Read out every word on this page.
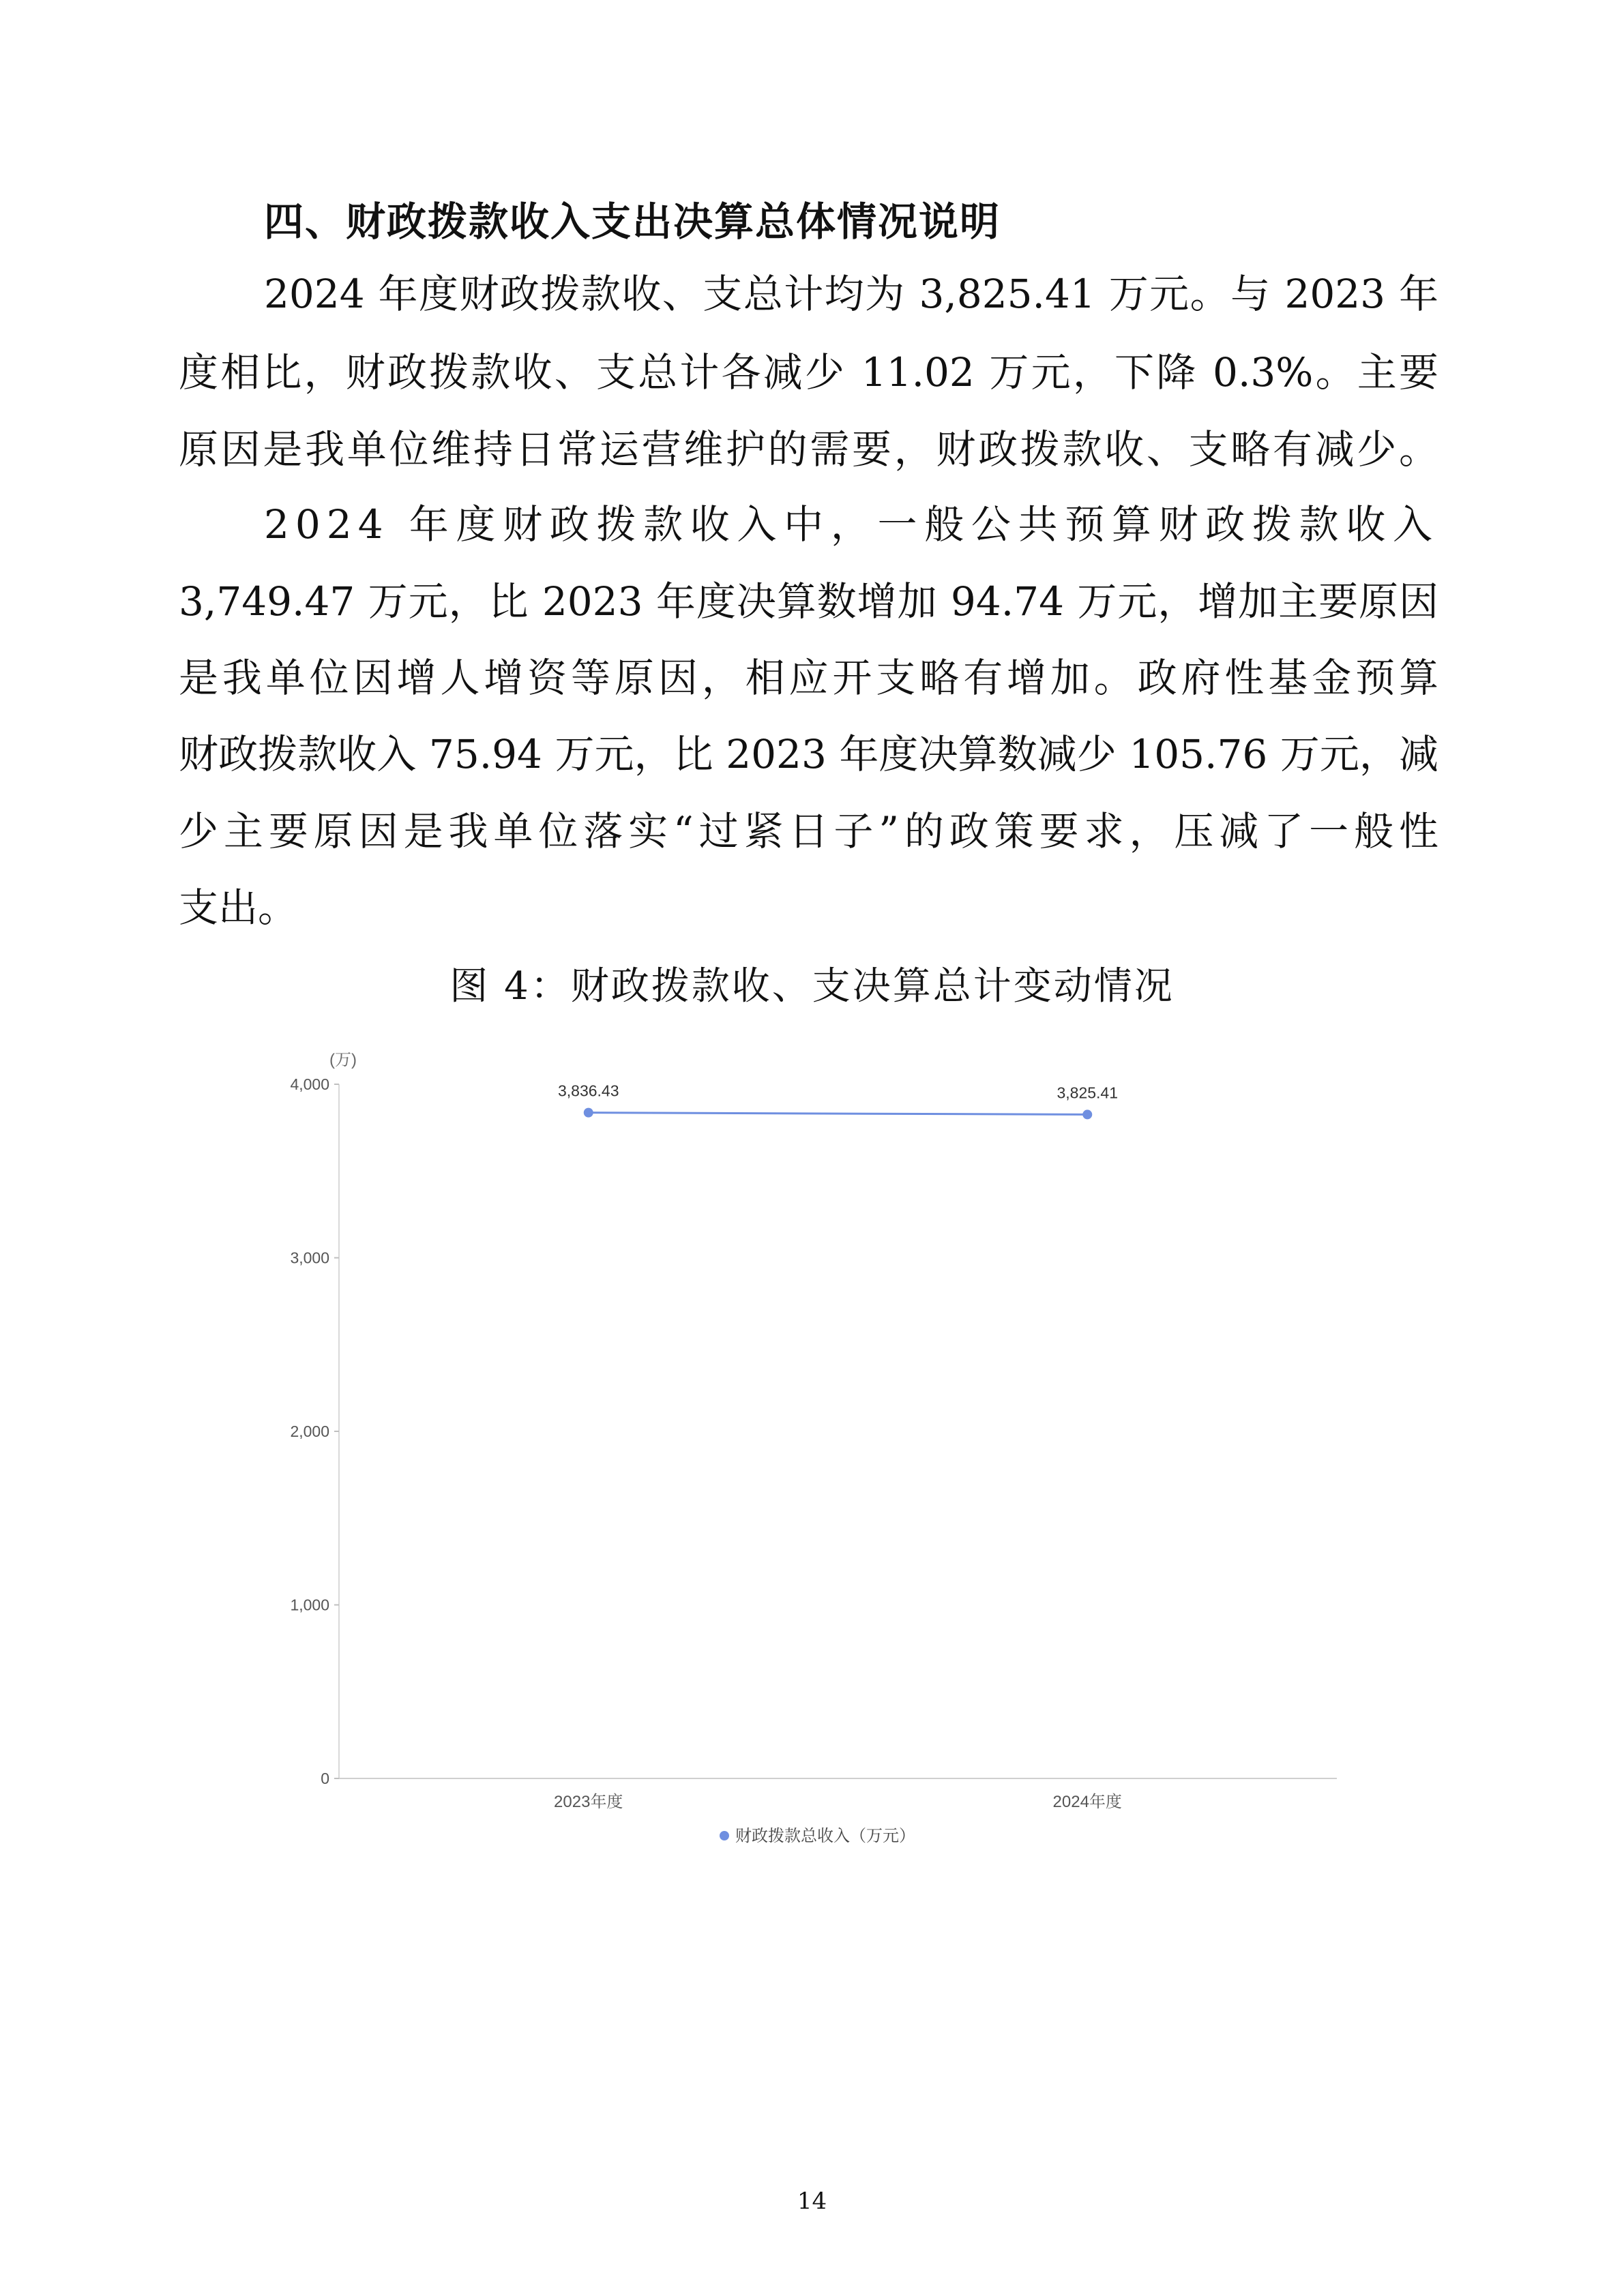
四、财政拨款收入支出决算总体情况说明
2024 年度财政拨款收、支总计均为 3,825.41 万元。与 2023 年
度相比，财政拨款收、支总计各减少 11.02 万元，下降 0.3%。主要
原因是我单位维持日常运营维护的需要，财政拨款收、支略有减少。
2024 年度财政拨款收入中，一般公共预算财政拨款收入
3,749.47 万元，比 2023 年度决算数增加 94.74 万元，增加主要原因
是我单位因增人增资等原因，相应开支略有增加。政府性基金预算
财政拨款收入 75.94 万元，比 2023 年度决算数减少 105.76 万元，减
少主要原因是我单位落实“过紧日子”的政策要求，压减了一般性
支出。
图 4：财政拨款收、支决算总计变动情况
(万)
0
1,000
2,000
3,000
4,000
2023年度	2024年度
3,836.43	3,825.41
财政拨款总收入（万元）
14
